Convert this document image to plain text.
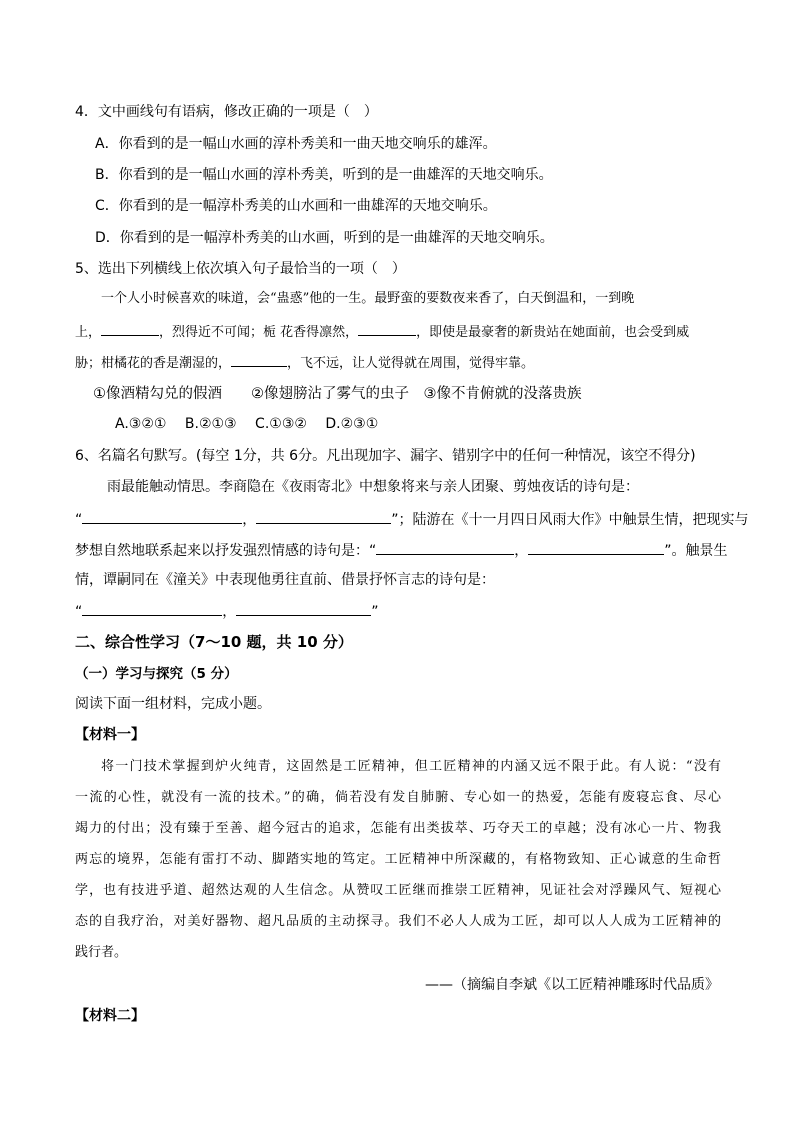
4．文中画线句有语病，修改正确的一项是（　）
A．你看到的是一幅山水画的淳朴秀美和一曲天地交响乐的雄浑。
B．你看到的是一幅山水画的淳朴秀美，听到的是一曲雄浑的天地交响乐。
C．你看到的是一幅淳朴秀美的山水画和一曲雄浑的天地交响乐。
D．你看到的是一幅淳朴秀美的山水画，听到的是一曲雄浑的天地交响乐。
5、选出下列横线上依次填入句子最恰当的一项（　）
一个人小时候喜欢的味道，会“蛊惑”他的一生。最野蛮的要数夜来香了，白天倒温和，一到晚
上，	，烈得近不可闻；栀 花香得凛然，	，即使是最豪奢的新贵站在她面前，也会受到威
胁；柑橘花的香是潮湿的，	，飞不远，让人觉得就在周围，觉得牢靠。
①像酒精勾兑的假酒　　②像翅膀沾了雾气的虫子　③像不肯俯就的没落贵族
A.③②①　 B.②①③　 C.①③②　 D.②③①
6、名篇名句默写。(每空 1分，共 6分。凡出现加字、漏字、错别字中的任何一种情况，该空不得分)
雨最能触动情思。李商隐在《夜雨寄北》中想象将来与亲人团聚、剪烛夜话的诗句是：
“	，	”；陆游在《十一月四日风雨大作》中触景生情，把现实与
梦想自然地联系起来以抒发强烈情感的诗句是：“	，	”。触景生
情，谭嗣同在《潼关》中表现他勇往直前、借景抒怀言志的诗句是：
“	，	”
二、综合性学习（7～10 题，共 10 分）
（一）学习与探究（5 分）
阅读下面一组材料，完成小题。
【材料一】
将一门技术掌握到炉火纯青，这固然是工匠精神，但工匠精神的内涵又远不限于此。有人说：“没有
一流的心性，就没有一流的技术。”的确，倘若没有发自肺腑、专心如一的热爱，怎能有废寝忘食、尽心
竭力的付出；没有臻于至善、超今冠古的追求，怎能有出类拔萃、巧夺天工的卓越；没有冰心一片、物我
两忘的境界，怎能有雷打不动、脚踏实地的笃定。工匠精神中所深藏的，有格物致知、正心诚意的生命哲
学，也有技进乎道、超然达观的人生信念。从赞叹工匠继而推崇工匠精神，见证社会对浮躁风气、短视心
态的自我疗治，对美好器物、超凡品质的主动探寻。我们不必人人成为工匠，却可以人人成为工匠精神的
践行者。
——（摘编自李斌《以工匠精神雕琢时代品质》
【材料二】
